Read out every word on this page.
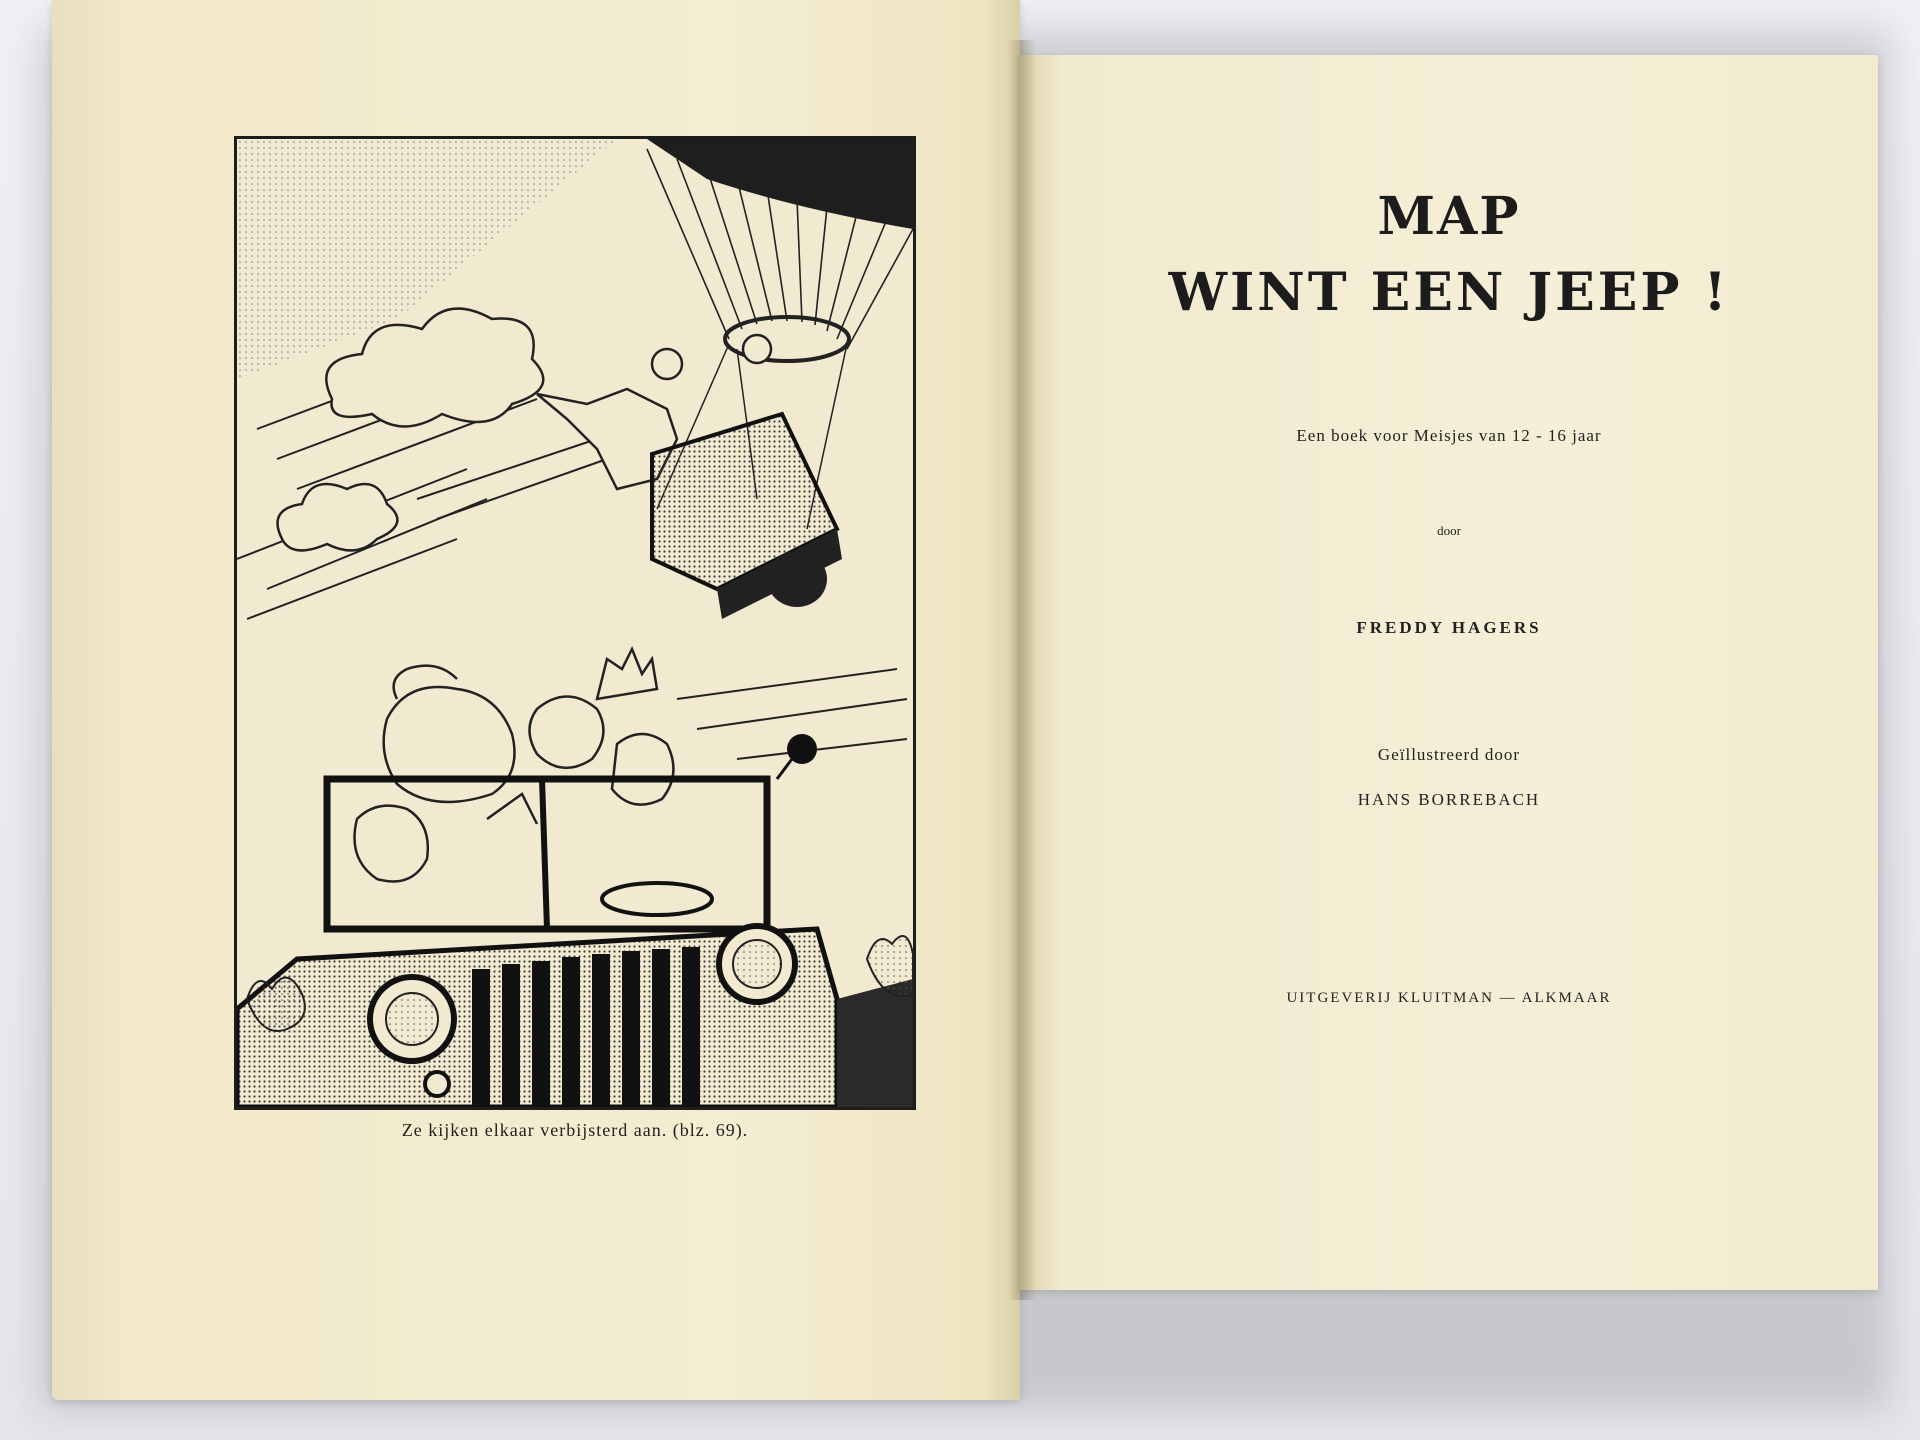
Ze kijken elkaar verbijsterd aan. (blz. 69).
MAP
WINT EEN JEEP !
Een boek voor Meisjes van 12 - 16 jaar
door
FREDDY HAGERS
Geïllustreerd door
HANS BORREBACH
UITGEVERIJ KLUITMAN — ALKMAAR
